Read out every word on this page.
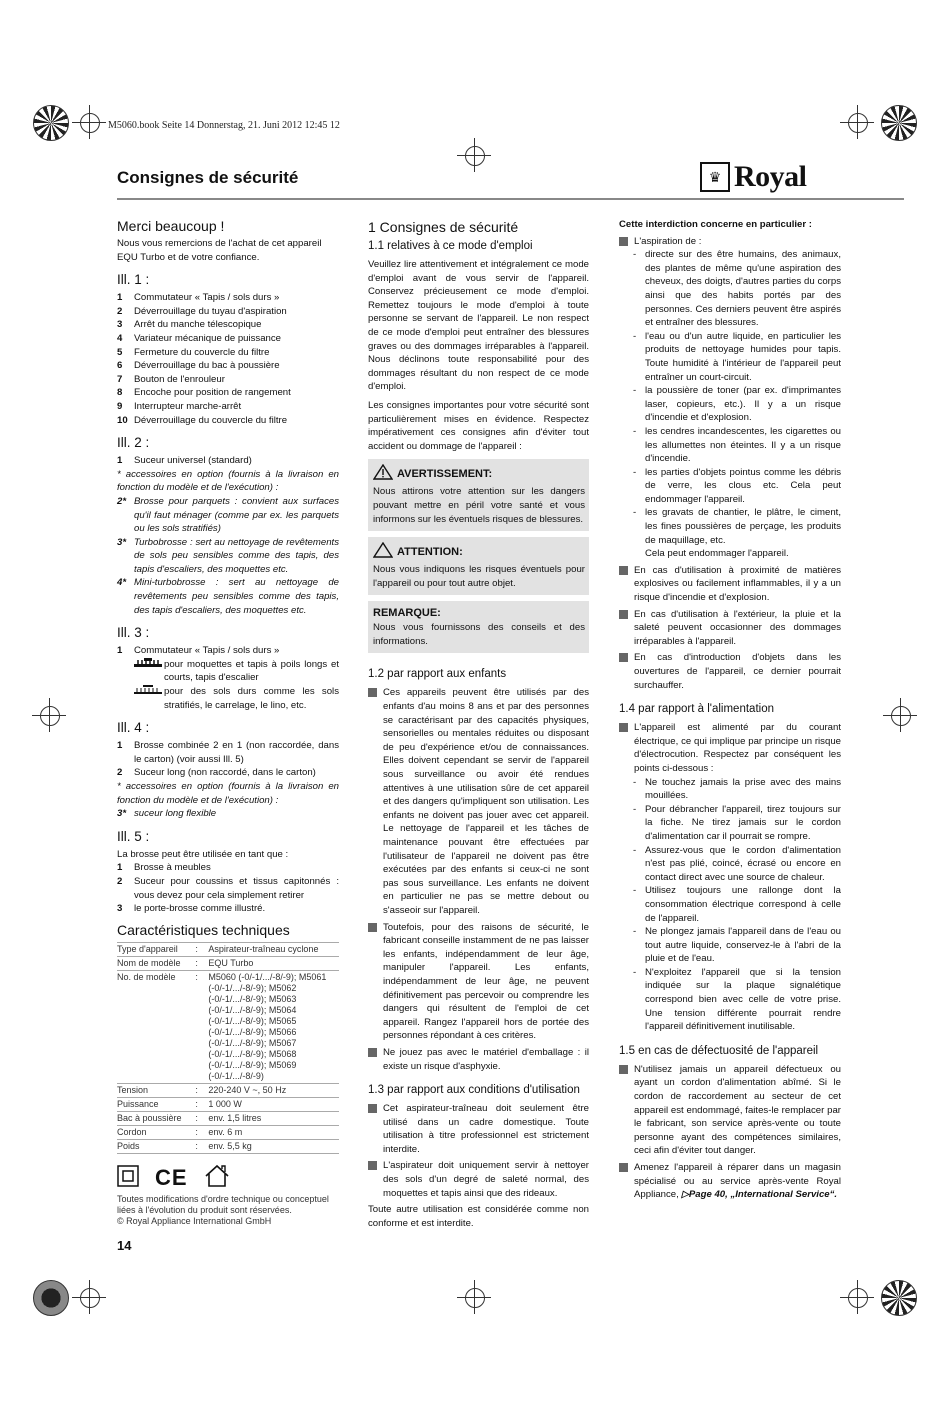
M5060.book Seite 14 Donnerstag, 21. Juni 2012 12:45 12
Consignes de sécurité	♛ Royal
Merci beaucoup !

Nous vous remercions de l'achat de cet appareil EQU Turbo et de votre confiance.

Ill. 1 :
1	Commutateur « Tapis / sols durs »
2	Déverrouillage du tuyau d'aspiration
3	Arrêt du manche télescopique
4	Variateur mécanique de puissance
5	Fermeture du couvercle du filtre
6	Déverrouillage du bac à poussière
7	Bouton de l'enrouleur
8	Encoche pour position de rangement
9	Interrupteur marche-arrêt
10 Déverrouillage du couvercle du filtre
Ill. 2 :
1	Suceur universel (standard)
* accessoires en option (fournis à la livraison en fonction du modèle et de l'exécution) :
2* Brosse pour parquets : convient aux surfaces qu'il faut ménager (comme par ex. les parquets ou les sols stratifiés)
3* Turbobrosse : sert au nettoyage de revêtements de sols peu sensibles comme des tapis, des tapis d'escaliers, des moquettes etc.
4* Mini-turbobrosse : sert au nettoyage de revêtements peu sensibles comme des tapis, des tapis d'escaliers, des moquettes etc.
Ill. 3 :
1	Commutateur « Tapis / sols durs »
pour moquettes et tapis à poils longs et courts, tapis d'escalier
pour des sols durs comme les sols stratifiés, le carrelage, le lino, etc.
Ill. 4 :
1	Brosse combinée 2 en 1 (non raccordée, dans le carton) (voir aussi Ill. 5)
2	Suceur long (non raccordé, dans le carton)
* accessoires en option (fournis à la livraison en fonction du modèle et de l'exécution) :
3* suceur long flexible
Ill. 5 :
La brosse peut être utilisée en tant que :
1	Brosse à meubles
2	Suceur pour coussins et tissus capitonnés : vous devez pour cela simplement retirer
3	le porte-brosse comme illustré.
Caractéristiques techniques
Type d'appareil	:	Aspirateur-traîneau cyclone
Nom de modèle	:	EQU Turbo
No. de modèle	:	M5060 (-0/-1/.../-8/-9); M5061 (-0/-1/.../-8/-9); M5062 (-0/-1/.../-8/-9); M5063 (-0/-1/.../-8/-9); M5064 (-0/-1/.../-8/-9); M5065 (-0/-1/.../-8/-9); M5066 (-0/-1/.../-8/-9); M5067 (-0/-1/.../-8/-9); M5068 (-0/-1/.../-8/-9); M5069 (-0/-1/.../-8/-9)
Tension	:	220-240 V ~, 50 Hz
Puissance	:	1 000 W
Bac à poussière	:	env. 1,5 litres
Cordon	:	env. 6 m
Poids	:	env. 5,5 kg
CE
Toutes modifications d'ordre technique ou conceptuel liées à l'évolution du produit sont réservées.
© Royal Appliance International GmbH
1 Consignes de sécurité
1.1 relatives à ce mode d'emploi

Veuillez lire attentivement et intégralement ce mode d'emploi avant de vous servir de l'appareil. Conservez précieusement ce mode d'emploi. Remettez toujours le mode d'emploi à toute personne se servant de l'appareil. Le non respect de ce mode d'emploi peut entraîner des blessures graves ou des dommages irréparables à l'appareil. Nous déclinons toute responsabilité pour des dommages résultant du non respect de ce mode d'emploi.

Les consignes importantes pour votre sécurité sont particulièrement mises en évidence. Respectez impérativement ces consignes afin d'éviter tout accident ou dommage de l'appareil :

AVERTISSEMENT:
Nous attirons votre attention sur les dangers pouvant mettre en péril votre santé et vous informons sur les éventuels risques de blessures.
ATTENTION:
Nous vous indiquons les risques éventuels pour l'appareil ou pour tout autre objet.
REMARQUE:
Nous vous fournissons des conseils et des informations.
1.2 par rapport aux enfants
Ces appareils peuvent être utilisés par des enfants d'au moins 8 ans et par des personnes se caractérisant par des capacités physiques, sensorielles ou mentales réduites ou disposant de peu d'expérience et/ou de connaissances. Elles doivent cependant se servir de l'appareil sous surveillance ou avoir été rendues attentives à une utilisation sûre de cet appareil et des dangers qu'impliquent son utilisation. Les enfants ne doivent pas jouer avec cet appareil. Le nettoyage de l'appareil et les tâches de maintenance pouvant être effectuées par l'utilisateur de l'appareil ne doivent pas être exécutées par des enfants si ceux-ci ne sont pas sous surveillance. Les enfants ne doivent en particulier ne pas se mettre debout ou s'asseoir sur l'appareil.
Toutefois, pour des raisons de sécurité, le fabricant conseille instamment de ne pas laisser les enfants, indépendamment de leur âge, manipuler l'appareil. Les enfants, indépendamment de leur âge, ne peuvent définitivement pas percevoir ou comprendre les dangers qui résultent de l'emploi de cet appareil. Rangez l'appareil hors de portée des personnes répondant à ces critères.
Ne jouez pas avec le matériel d'emballage : il existe un risque d'asphyxie.
1.3 par rapport aux conditions d'utilisation
Cet aspirateur-traîneau doit seulement être utilisé dans un cadre domestique. Toute utilisation à titre professionnel est strictement interdite.
L'aspirateur doit uniquement servir à nettoyer des sols d'un degré de saleté normal, des moquettes et tapis ainsi que des rideaux.

Toute autre utilisation est considérée comme non conforme et est interdite.

Cette interdiction concerne en particulier :
L'aspiration de :
- directe sur des être humains, des animaux, des plantes de même qu'une aspiration des cheveux, des doigts, d'autres parties du corps ainsi que des habits portés par des personnes. Ces derniers peuvent être aspirés et entraîner des blessures.
- l'eau ou d'un autre liquide, en particulier les produits de nettoyage humides pour tapis. Toute humidité à l'intérieur de l'appareil peut entraîner un court-circuit.
- la poussière de toner (par ex. d'imprimantes laser, copieurs, etc.). Il y a un risque d'incendie et d'explosion.
- les cendres incandescentes, les cigarettes ou les allumettes non éteintes. Il y a un risque d'incendie.
- les parties d'objets pointus comme les débris de verre, les clous etc. Cela peut endommager l'appareil.
- les gravats de chantier, le plâtre, le ciment, les fines poussières de perçage, les produits de maquillage, etc.
Cela peut endommager l'appareil.
En cas d'utilisation à proximité de matières explosives ou facilement inflammables, il y a un risque d'incendie et d'explosion.
En cas d'utilisation à l'extérieur, la pluie et la saleté peuvent occasionner des dommages irréparables à l'appareil.
En cas d'introduction d'objets dans les ouvertures de l'appareil, ce dernier pourrait surchauffer.
1.4 par rapport à l'alimentation
L'appareil est alimenté par du courant électrique, ce qui implique par principe un risque d'électrocution. Respectez par conséquent les points ci-dessous :
- Ne touchez jamais la prise avec des mains mouillées.
- Pour débrancher l'appareil, tirez toujours sur la fiche. Ne tirez jamais sur le cordon d'alimentation car il pourrait se rompre.
- Assurez-vous que le cordon d'alimentation n'est pas plié, coincé, écrasé ou encore en contact direct avec une source de chaleur.
- Utilisez toujours une rallonge dont la consommation électrique correspond à celle de l'appareil.
- Ne plongez jamais l'appareil dans de l'eau ou tout autre liquide, conservez-le à l'abri de la pluie et de l'eau.
- N'exploitez l'appareil que si la tension indiquée sur la plaque signalétique correspond bien avec celle de votre prise. Une tension différente pourrait rendre l'appareil définitivement inutilisable.
1.5 en cas de défectuosité de l'appareil
N'utilisez jamais un appareil défectueux ou ayant un cordon d'alimentation abîmé. Si le cordon de raccordement au secteur de cet appareil est endommagé, faites-le remplacer par le fabricant, son service après-vente ou toute personne ayant des compétences similaires, ceci afin d'éviter tout danger.
Amenez l'appareil à réparer dans un magasin spécialisé ou au service après-vente Royal Appliance, ▷Page 40, „International Service“.
14
